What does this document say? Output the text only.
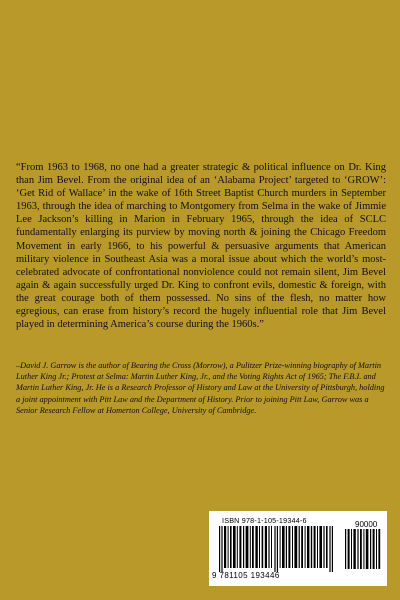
“From 1963 to 1968, no one had a greater strategic & political influence on Dr. King than Jim Bevel. From the original idea of an ‘Alabama Project’ targeted to ‘GROW’: ‘Get Rid of Wallace’ in the wake of 16th Street Baptist Church murders in September 1963, through the idea of marching to Montgomery from Selma in the wake of Jimmie Lee Jackson’s killing in Marion in February 1965, through the idea of SCLC fundamentally enlarging its purview by moving north & joining the Chicago Freedom Movement in early 1966, to his powerful & persuasive arguments that American military violence in Southeast Asia was a moral issue about which the world’s most-celebrated advocate of confrontational nonviolence could not remain silent, Jim Bevel again & again successfully urged Dr. King to confront evils, domestic & foreign, with the great courage both of them possessed. No sins of the flesh, no matter how egregious, can erase from history’s record the hugely influential role that Jim Bevel played in determining America’s course during the 1960s.”

–David J. Garrow is the author of Bearing the Cross (Morrow), a Pulitzer Prize-winning biography of Martin Luther King Jr.; Protest at Selma: Martin Luther King, Jr., and the Voting Rights Act of 1965; The F.B.I. and Martin Luther King, Jr. He is a Research Professor of History and Law at the University of Pittsburgh, holding a joint appointment with Pitt Law and the Department of History. Prior to joining Pitt Law, Garrow was a Senior Research Fellow at Homerton College, University of Cambridge.

ISBN 978-1-105-19344-6	90000

9 781105 193446
